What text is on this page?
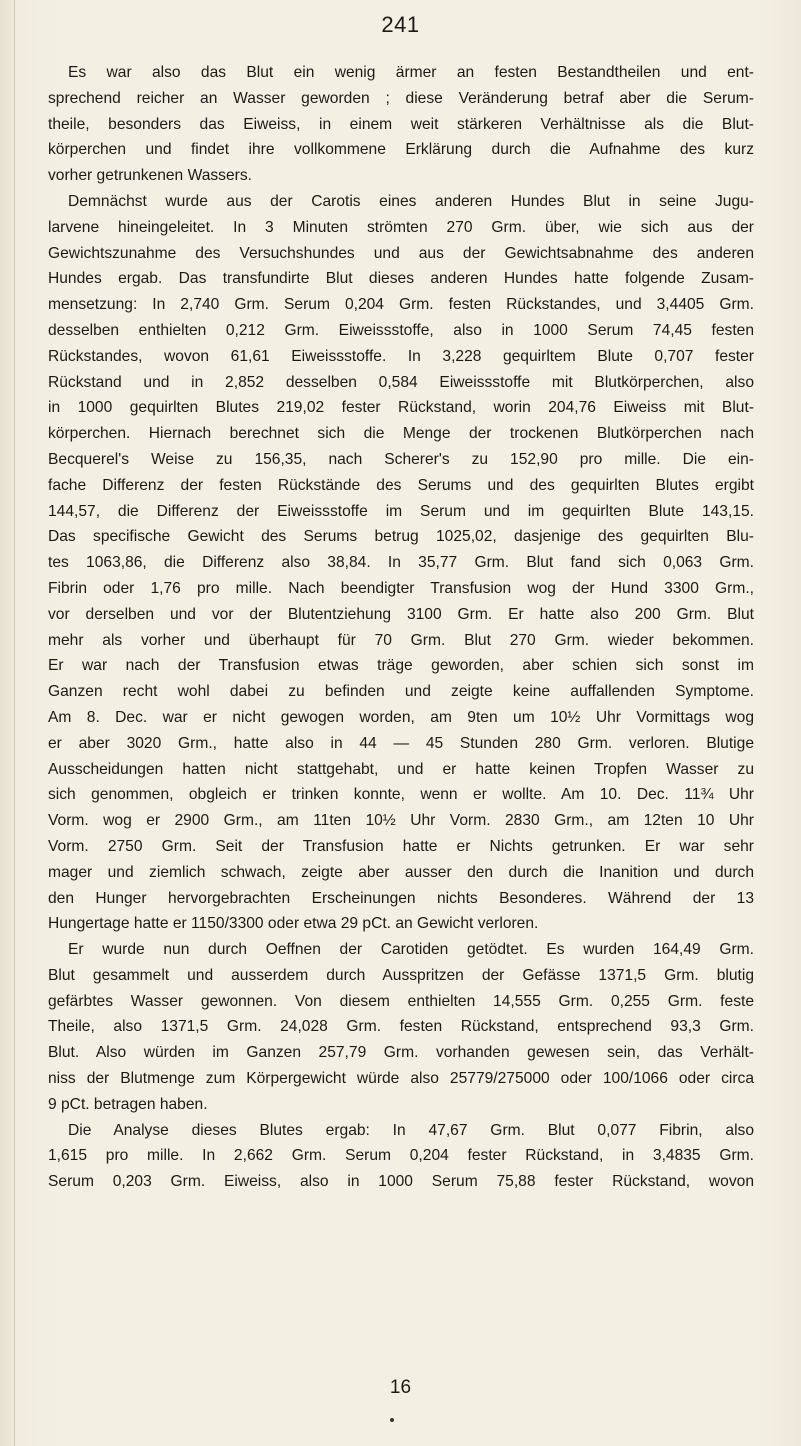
241
Es war also das Blut ein wenig ärmer an festen Bestandtheilen und ent-
sprechend reicher an Wasser geworden ; diese Veränderung betraf aber die Serum-
theile, besonders das Eiweiss, in einem weit stärkeren Verhältnisse als die Blut-
körperchen und findet ihre vollkommene Erklärung durch die Aufnahme des kurz
vorher getrunkenen Wassers.
Demnächst wurde aus der Carotis eines anderen Hundes Blut in seine Jugu-
larvene hineingeleitet. In 3 Minuten strömten 270 Grm. über, wie sich aus der
Gewichtszunahme des Versuchshundes und aus der Gewichtsabnahme des anderen
Hundes ergab. Das transfundirte Blut dieses anderen Hundes hatte folgende Zusam-
mensetzung: In 2,740 Grm. Serum 0,204 Grm. festen Rückstandes, und 3,4405 Grm.
desselben enthielten 0,212 Grm. Eiweissstoffe, also in 1000 Serum 74,45 festen
Rückstandes, wovon 61,61 Eiweissstoffe. In 3,228 gequirltem Blute 0,707 fester
Rückstand und in 2,852 desselben 0,584 Eiweissstoffe mit Blutkörperchen, also
in 1000 gequirlten Blutes 219,02 fester Rückstand, worin 204,76 Eiweiss mit Blut-
körperchen. Hiernach berechnet sich die Menge der trockenen Blutkörperchen nach
Becquerel's Weise zu 156,35, nach Scherer's zu 152,90 pro mille. Die ein-
fache Differenz der festen Rückstände des Serums und des gequirlten Blutes ergibt
144,57, die Differenz der Eiweissstoffe im Serum und im gequirlten Blute 143,15.
Das specifische Gewicht des Serums betrug 1025,02, dasjenige des gequirlten Blu-
tes 1063,86, die Differenz also 38,84. In 35,77 Grm. Blut fand sich 0,063 Grm.
Fibrin oder 1,76 pro mille. Nach beendigter Transfusion wog der Hund 3300 Grm.,
vor derselben und vor der Blutentziehung 3100 Grm. Er hatte also 200 Grm. Blut
mehr als vorher und überhaupt für 70 Grm. Blut 270 Grm. wieder bekommen.
Er war nach der Transfusion etwas träge geworden, aber schien sich sonst im
Ganzen recht wohl dabei zu befinden und zeigte keine auffallenden Symptome.
Am 8. Dec. war er nicht gewogen worden, am 9ten um 10½ Uhr Vormittags wog
er aber 3020 Grm., hatte also in 44 — 45 Stunden 280 Grm. verloren. Blutige
Ausscheidungen hatten nicht stattgehabt, und er hatte keinen Tropfen Wasser zu
sich genommen, obgleich er trinken konnte, wenn er wollte. Am 10. Dec. 11¾ Uhr
Vorm. wog er 2900 Grm., am 11ten 10½ Uhr Vorm. 2830 Grm., am 12ten 10 Uhr
Vorm. 2750 Grm. Seit der Transfusion hatte er Nichts getrunken. Er war sehr
mager und ziemlich schwach, zeigte aber ausser den durch die Inanition und durch
den Hunger hervorgebrachten Erscheinungen nichts Besonderes. Während der 13
Hungertage hatte er 1150/3300 oder etwa 29 pCt. an Gewicht verloren.
Er wurde nun durch Oeffnen der Carotiden getödtet. Es wurden 164,49 Grm.
Blut gesammelt und ausserdem durch Ausspritzen der Gefässe 1371,5 Grm. blutig
gefärbtes Wasser gewonnen. Von diesem enthielten 14,555 Grm. 0,255 Grm. feste
Theile, also 1371,5 Grm. 24,028 Grm. festen Rückstand, entsprechend 93,3 Grm.
Blut. Also würden im Ganzen 257,79 Grm. vorhanden gewesen sein, das Verhält-
niss der Blutmenge zum Körpergewicht würde also 25779/275000 oder 100/1066 oder circa
9 pCt. betragen haben.
Die Analyse dieses Blutes ergab: In 47,67 Grm. Blut 0,077 Fibrin, also
1,615 pro mille. In 2,662 Grm. Serum 0,204 fester Rückstand, in 3,4835 Grm.
Serum 0,203 Grm. Eiweiss, also in 1000 Serum 75,88 fester Rückstand, wovon
16
